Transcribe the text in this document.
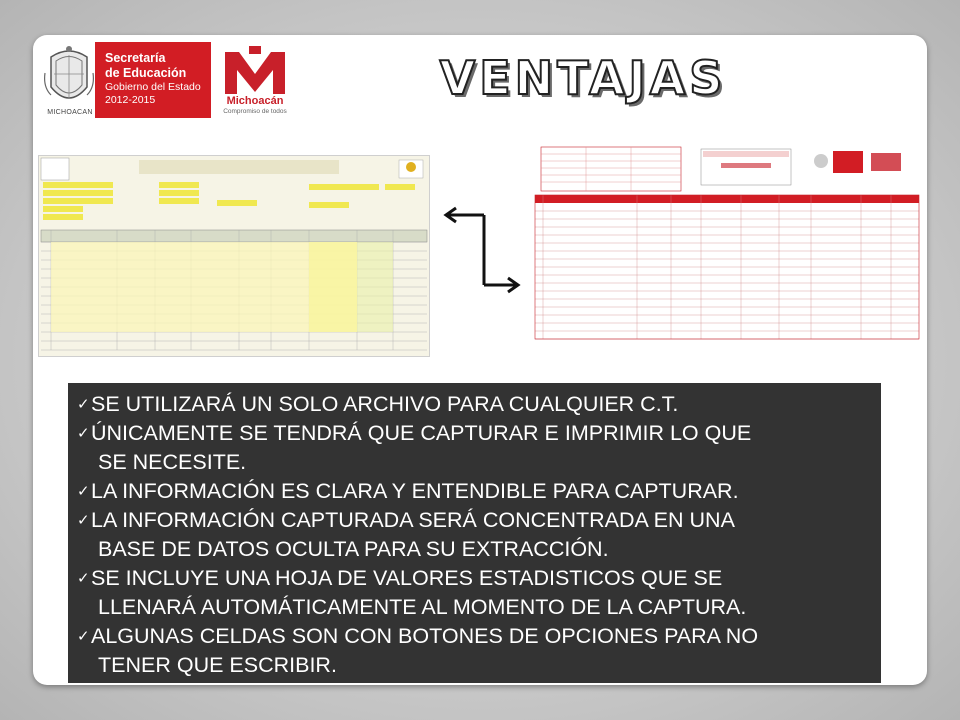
MICHOACAN
Secretaría
de Educación
Gobierno del Estado
2012-2015	Michoacán
Compromiso de todos
VENTAJAS
✓ SE UTILIZARÁ UN SOLO ARCHIVO PARA CUALQUIER C.T.
✓ ÚNICAMENTE SE TENDRÁ QUE CAPTURAR E IMPRIMIR LO QUE
SE NECESITE.
✓ LA INFORMACIÓN ES CLARA Y ENTENDIBLE PARA CAPTURAR.
✓ LA INFORMACIÓN CAPTURADA SERÁ CONCENTRADA EN UNA
BASE DE DATOS OCULTA PARA SU EXTRACCIÓN.
✓ SE INCLUYE UNA HOJA DE VALORES ESTADISTICOS QUE SE
LLENARÁ AUTOMÁTICAMENTE AL MOMENTO DE LA CAPTURA.
✓ ALGUNAS CELDAS SON CON BOTONES DE OPCIONES PARA NO
TENER QUE ESCRIBIR.
